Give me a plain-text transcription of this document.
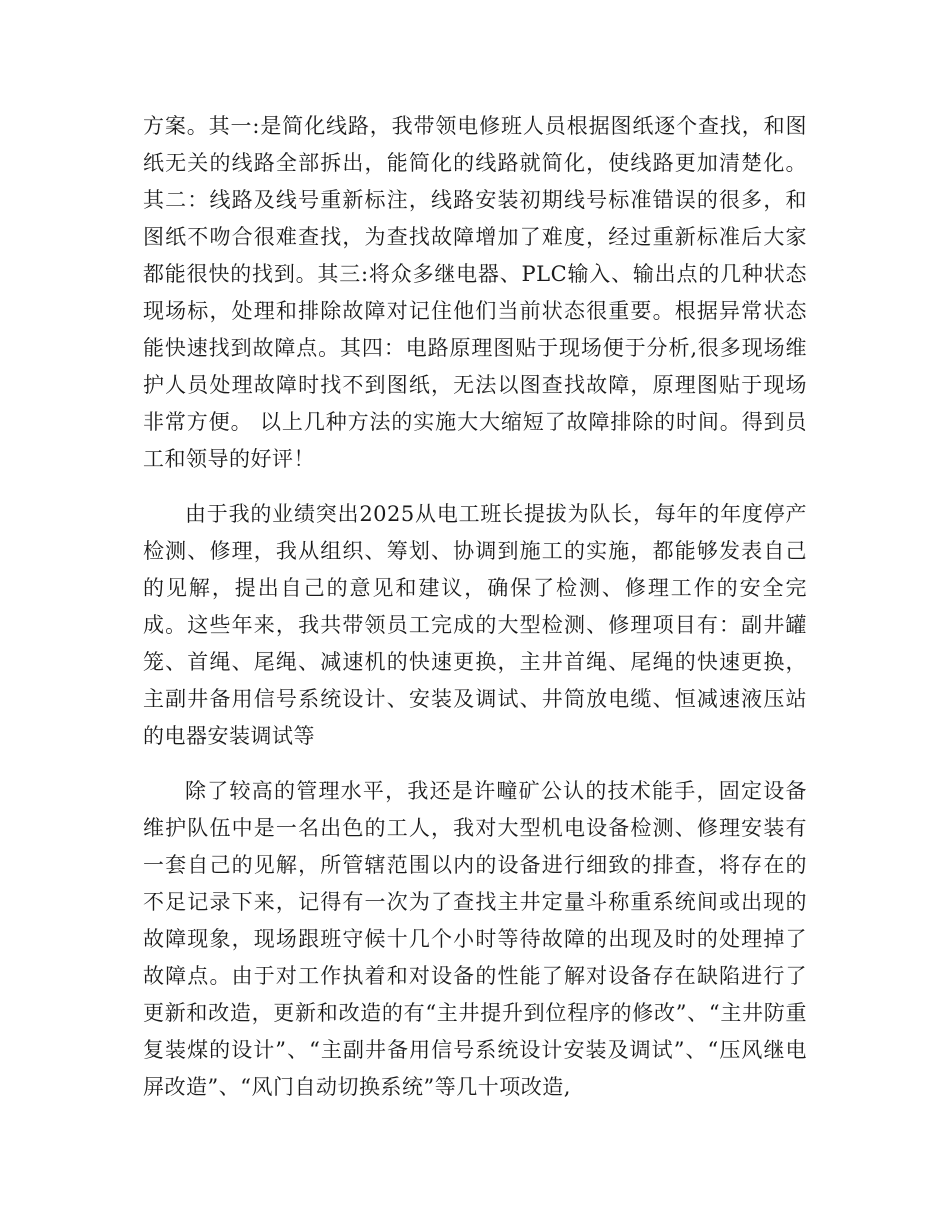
方案。其一:是简化线路，我带领电修班人员根据图纸逐个查找，和图纸无关的线路全部拆出，能简化的线路就简化，使线路更加清楚化。其二：线路及线号重新标注，线路安装初期线号标准错误的很多，和图纸不吻合很难查找，为查找故障增加了难度，经过重新标准后大家都能很快的找到。其三:将众多继电器、PLC输入、输出点的几种状态现场标，处理和排除故障对记住他们当前状态很重要。根据异常状态能快速找到故障点。其四：电路原理图贴于现场便于分析,很多现场维护人员处理故障时找不到图纸，无法以图查找故障，原理图贴于现场非常方便。 以上几种方法的实施大大缩短了故障排除的时间。得到员工和领导的好评！

由于我的业绩突出2025从电工班长提拔为队长，每年的年度停产检测、修理，我从组织、筹划、协调到施工的实施，都能够发表自己的见解，提出自己的意见和建议，确保了检测、修理工作的安全完成。这些年来，我共带领员工完成的大型检测、修理项目有：副井罐笼、首绳、尾绳、减速机的快速更换，主井首绳、尾绳的快速更换，主副井备用信号系统设计、安装及调试、井筒放电缆、恒减速液压站的电器安装调试等

除了较高的管理水平，我还是许疃矿公认的技术能手，固定设备维护队伍中是一名出色的工人，我对大型机电设备检测、修理安装有一套自己的见解，所管辖范围以内的设备进行细致的排查，将存在的不足记录下来，记得有一次为了查找主井定量斗称重系统间或出现的故障现象，现场跟班守候十几个小时等待故障的出现及时的处理掉了故障点。由于对工作执着和对设备的性能了解对设备存在缺陷进行了更新和改造，更新和改造的有“主井提升到位程序的修改”、“主井防重复装煤的设计”、“主副井备用信号系统设计安装及调试”、“压风继电屏改造”、“风门自动切换系统”等几十项改造,
